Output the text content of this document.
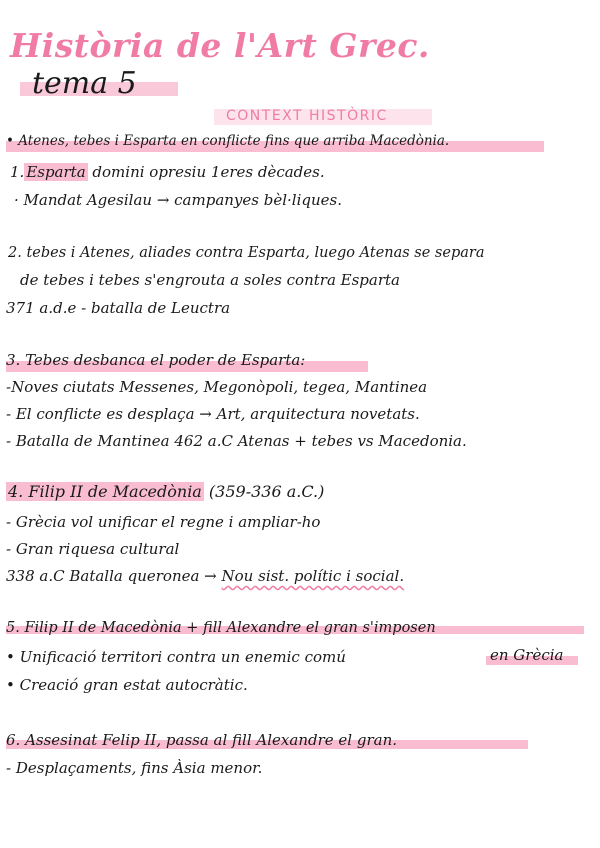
Història de l'Art Grec.
tema 5
CONTEXT HISTÒRIC
• Atenes, tebes i Esparta en conflicte fins que arriba Macedònia.
1. Esparta domini opresiu 1eres dècades.
· Mandat Agesilau → campanyes bèl·liques.
2. tebes i Atenes, aliades contra Esparta, luego Atenas se separa
de tebes i tebes s'engrouta a soles contra Esparta
371 a.d.e - batalla de Leuctra
3. Tebes desbanca el poder de Esparta:
-Noves ciutats Messenes, Megonòpoli, tegea, Mantinea
- El conflicte es desplaça → Art, arquitectura novetats.
- Batalla de Mantinea 462 a.C Atenas + tebes vs Macedonia.
4. Filip II de Macedònia (359-336 a.C.)
- Grècia vol unificar el regne i ampliar-ho
- Gran riquesa cultural
338 a.C Batalla queronea → Nou sist. polític i social.
5. Filip II de Macedònia + fill Alexandre el gran s'imposen
• Unificació territori contra un enemic comú	en Grècia
• Creació gran estat autocràtic.
6. Assesinat Felip II, passa al fill Alexandre el gran.
- Desplaçaments, fins Àsia menor.
